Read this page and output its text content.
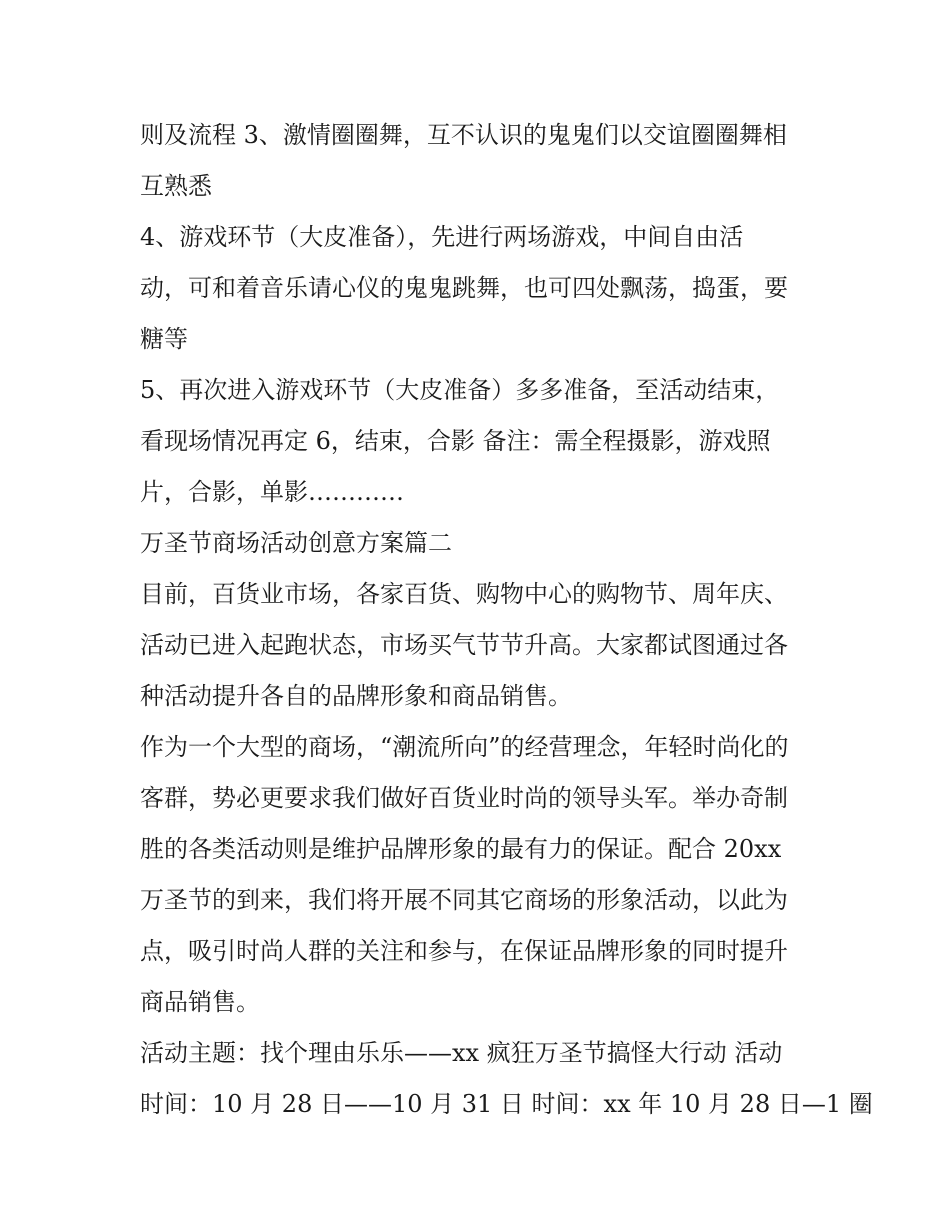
则及流程 3、激情圈圈舞，互不认识的鬼鬼们以交谊圈圈舞相
互熟悉
4、游戏环节（大皮准备），先进行两场游戏，中间自由活
动，可和着音乐请心仪的鬼鬼跳舞，也可四处飘荡，捣蛋，要
糖等
5、再次进入游戏环节（大皮准备）多多准备，至活动结束，
看现场情况再定 6，结束，合影 备注：需全程摄影，游戏照
片，合影，单影…………
万圣节商场活动创意方案篇二
目前，百货业市场，各家百货、购物中心的购物节、周年庆、
活动已进入起跑状态，市场买气节节升高。大家都试图通过各
种活动提升各自的品牌形象和商品销售。
作为一个大型的商场，“潮流所向”的经营理念，年轻时尚化的
客群，势必更要求我们做好百货业时尚的领导头军。举办奇制
胜的各类活动则是维护品牌形象的最有力的保证。配合 20xx
万圣节的到来，我们将开展不同其它商场的形象活动，以此为
点，吸引时尚人群的关注和参与，在保证品牌形象的同时提升
商品销售。
活动主题：找个理由乐乐——xx 疯狂万圣节搞怪大行动 活动
时间：10 月 28 日——10 月 31 日 时间：xx 年 10 月 28 日—1 圈
